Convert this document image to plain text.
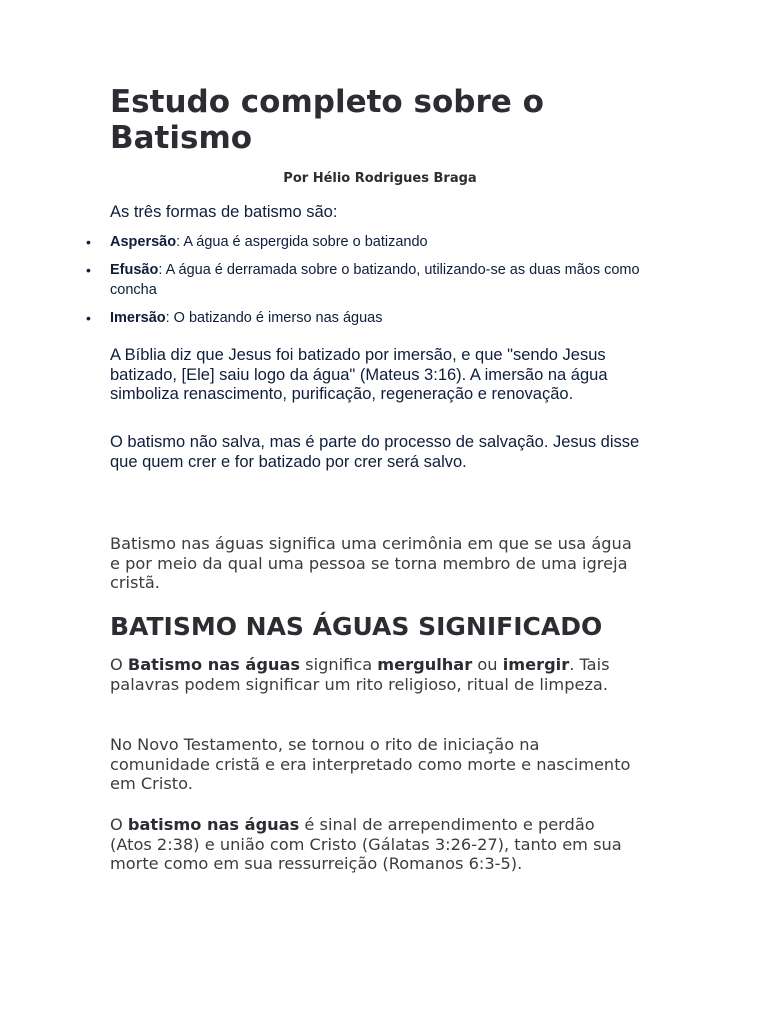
Estudo completo sobre o Batismo
Por Hélio Rodrigues Braga
As três formas de batismo são:
• Aspersão: A água é aspergida sobre o batizando
• Efusão: A água é derramada sobre o batizando, utilizando-se as duas mãos como concha
• Imersão: O batizando é imerso nas águas

A Bíblia diz que Jesus foi batizado por imersão, e que "sendo Jesus batizado, [Ele] saiu logo da água" (Mateus 3:16). A imersão na água simboliza renascimento, purificação, regeneração e renovação.

O batismo não salva, mas é parte do processo de salvação. Jesus disse que quem crer e for batizado por crer será salvo.

Batismo nas águas significa uma cerimônia em que se usa água e por meio da qual uma pessoa se torna membro de uma igreja cristã.

BATISMO NAS ÁGUAS SIGNIFICADO

O Batismo nas águas significa mergulhar ou imergir. Tais palavras podem significar um rito religioso, ritual de limpeza.

No Novo Testamento, se tornou o rito de iniciação na comunidade cristã e era interpretado como morte e nascimento em Cristo.

O batismo nas águas é sinal de arrependimento e perdão (Atos 2:38) e união com Cristo (Gálatas 3:26-27), tanto em sua morte como em sua ressurreição (Romanos 6:3-5).
